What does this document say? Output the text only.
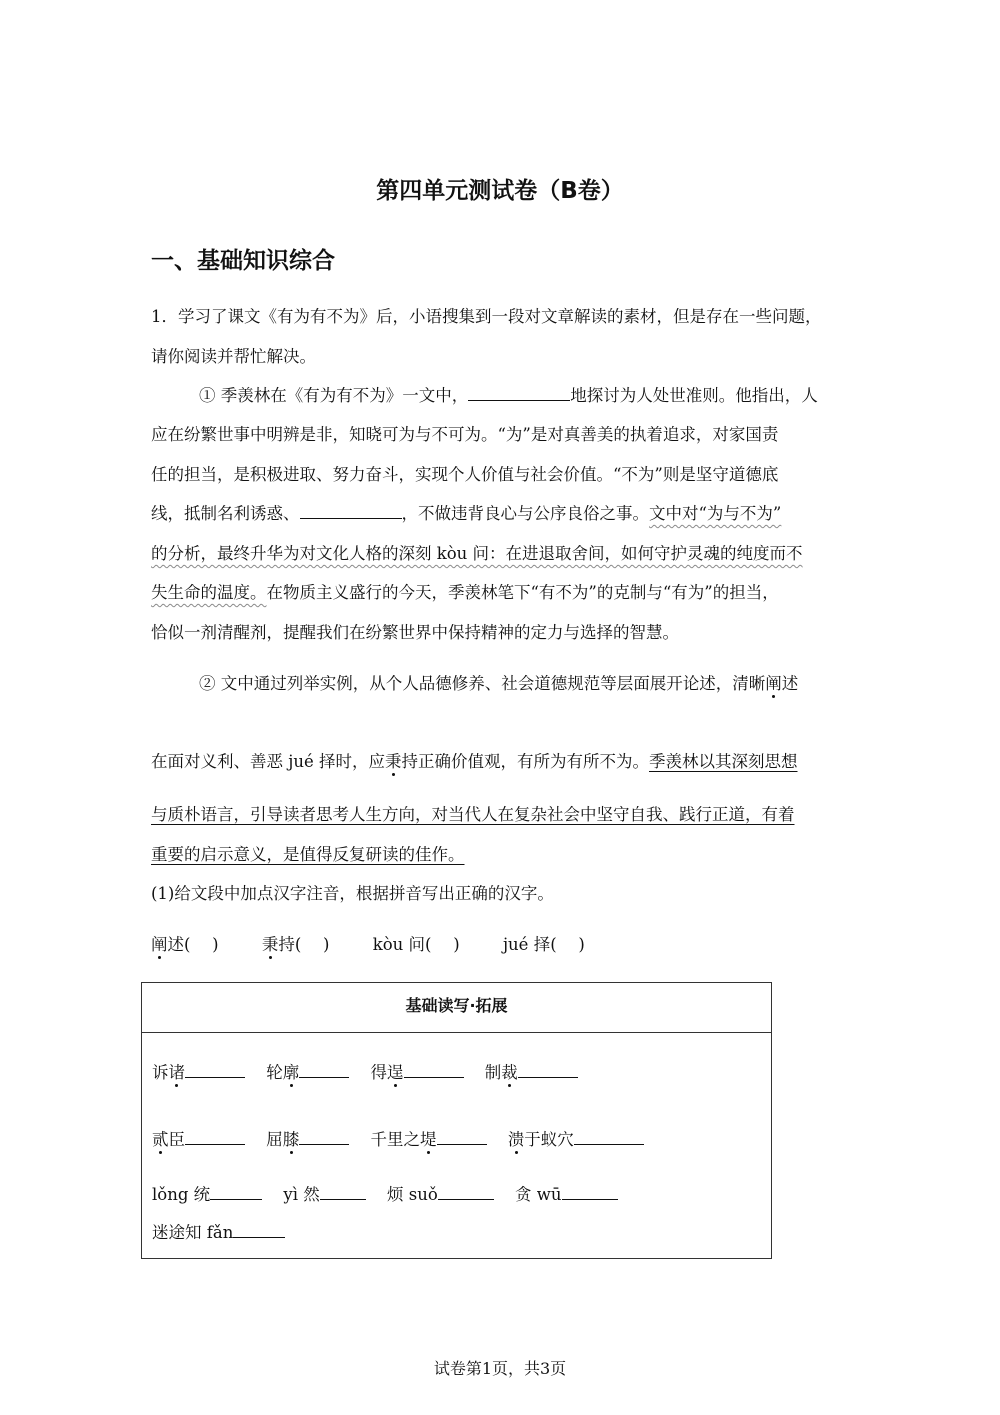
第四单元测试卷（B卷）
一、基础知识综合
1．学习了课文《有为有不为》后，小语搜集到一段对文章解读的素材，但是存在一些问题，
请你阅读并帮忙解决。
① 季羡林在《有为有不为》一文中，	地探讨为人处世准则。他指出，人
应在纷繁世事中明辨是非，知晓可为与不可为。“为”是对真善美的执着追求，对家国责
任的担当，是积极进取、努力奋斗，实现个人价值与社会价值。“不为”则是坚守道德底
线，抵制名利诱惑、	，不做违背良心与公序良俗之事。文中对“为与不为”
的分析，最终升华为对文化人格的深刻 kòu 问：在进退取舍间，如何守护灵魂的纯度而不
失生命的温度。在物质主义盛行的今天，季羡林笔下“有不为”的克制与“有为”的担当，
恰似一剂清醒剂，提醒我们在纷繁世界中保持精神的定力与选择的智慧。
② 文中通过列举实例，从个人品德修养、社会道德规范等层面展开论述，清晰阐述
在面对义利、善恶 jué 择时，应秉持正确价值观，有所为有所不为。季羡林以其深刻思想
与质朴语言，引导读者思考人生方向，对当代人在复杂社会中坚守自我、践行正道，有着
重要的启示意义，是值得反复研读的佳作。
(1)给文段中加点汉字注音，根据拼音写出正确的汉字。
阐述(　 )	秉持(　 )	kòu 问(　 )	jué 择(　 )
基础读写·拓展
诉诸	轮廓	得逞	制裁
贰臣	屈膝	千里之堤	溃于蚁穴
lǒng 统	yì 然	烦 suǒ	贪 wū
迷途知 fǎn
试卷第1页，共3页
